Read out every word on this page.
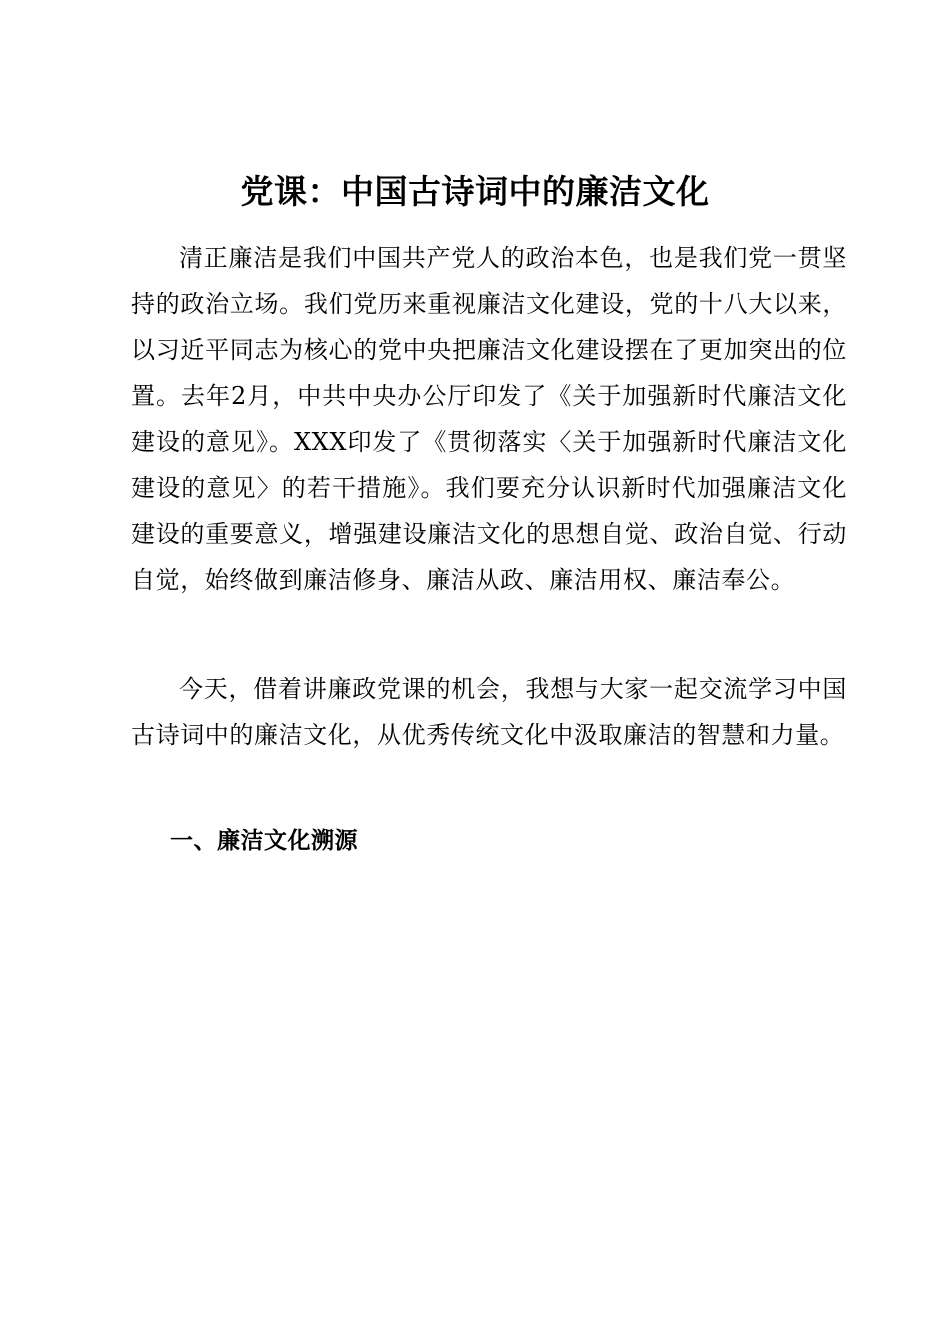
党课：中国古诗词中的廉洁文化

清正廉洁是我们中国共产党人的政治本色，也是我们党一贯坚持的政治立场。我们党历来重视廉洁文化建设，党的十八大以来，以习近平同志为核心的党中央把廉洁文化建设摆在了更加突出的位置。去年2月，中共中央办公厅印发了《关于加强新时代廉洁文化建设的意见》。XXX印发了《贯彻落实〈关于加强新时代廉洁文化建设的意见〉的若干措施》。我们要充分认识新时代加强廉洁文化建设的重要意义，增强建设廉洁文化的思想自觉、政治自觉、行动自觉，始终做到廉洁修身、廉洁从政、廉洁用权、廉洁奉公。

今天，借着讲廉政党课的机会，我想与大家一起交流学习中国古诗词中的廉洁文化，从优秀传统文化中汲取廉洁的智慧和力量。

一、廉洁文化溯源
